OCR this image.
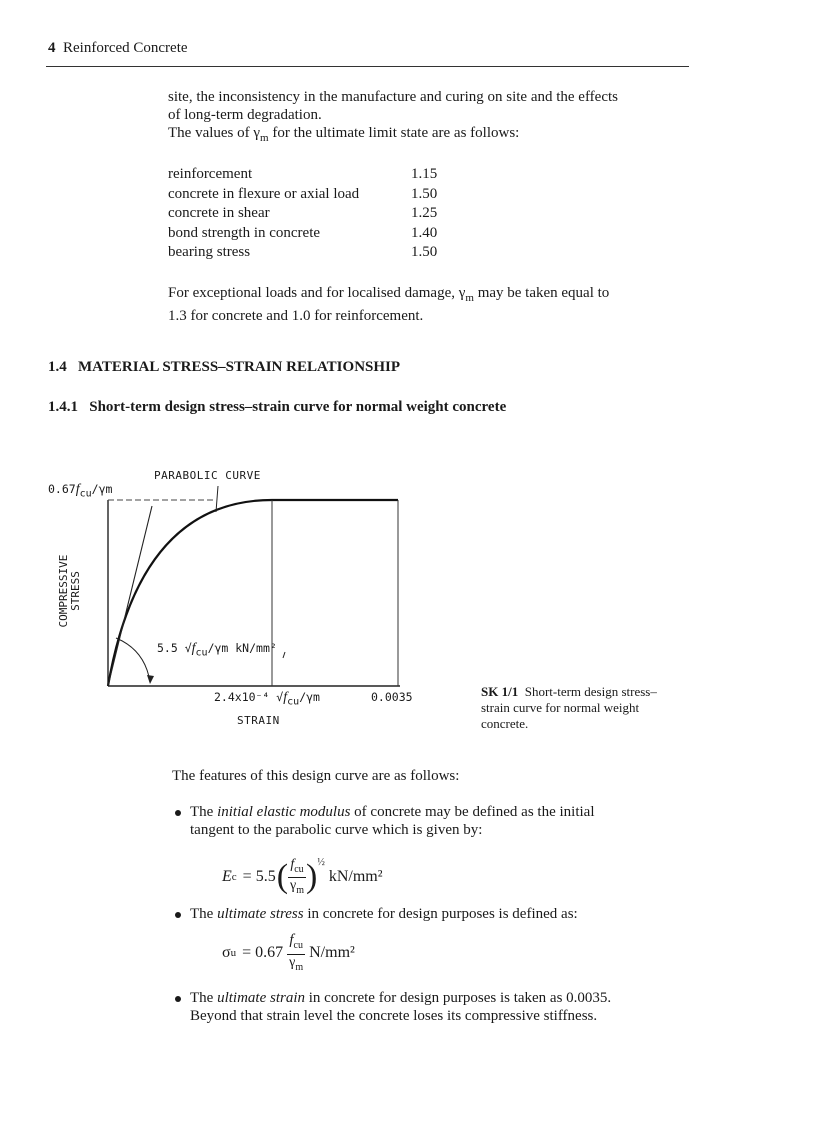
4 Reinforced Concrete
site, the inconsistency in the manufacture and curing on site and the effects
of long-term degradation.
The values of $\gamma_m$ for the ultimate limit state are as follows:
reinforcement	1.15
concrete in flexure or axial load	1.50
concrete in shear	1.25
bond strength in concrete	1.40
bearing stress	1.50
For exceptional loads and for localised damage, $\gamma_m$ may be taken equal to
1.3 for concrete and 1.0 for reinforcement.
1.4 MATERIAL STRESS–STRAIN RELATIONSHIP
1.4.1 Short-term design stress–strain curve for normal weight concrete
PARABOLIC CURVE
$0.67f_{cu}/\gamma m$
COMPRESSIVE STRESS
5.5 $√f_{cu}/\gamma m$ kN/mm²
2.4x10⁻⁴ $√f_{cu}/\gamma m$	0.0035
STRAIN
SK 1/1 Short-term design stress–
strain curve for normal weight
concrete.
The features of this design curve are as follows:
The initial elastic modulus of concrete may be defined as the initial
tangent to the parabolic curve which is given by:
E c = 5.5 ( $\frac{f_{cu}}{\gamma_m}$ ) ½
kN/mm²
The ultimate stress in concrete for design purposes is defined as:
σ $u = 0.67 \frac{f_{cu}}{\gamma_m} N/mm^2$
The ultimate strain in concrete for design purposes is taken as 0.0035.
Beyond that strain level the concrete loses its compressive stiffness.
